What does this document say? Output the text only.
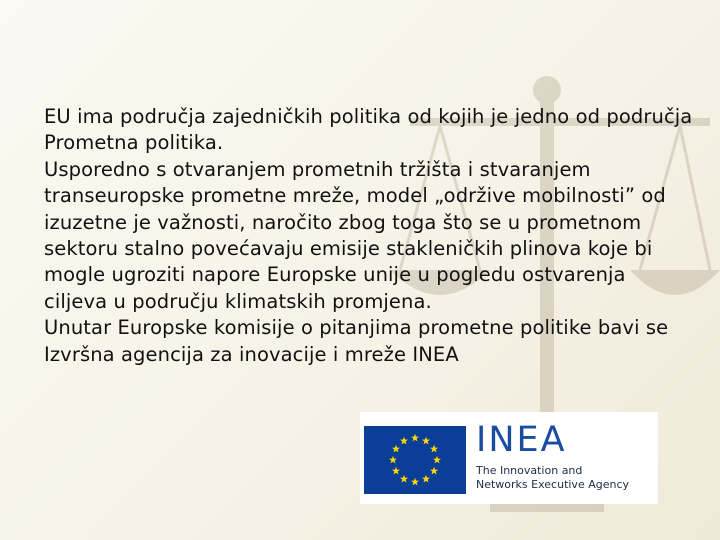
EU ima područja zajedničkih politika od kojih je jedno od područja Prometna politika.

Usporedno s otvaranjem prometnih tržišta i stvaranjem transeuropske prometne mreže, model „održive mobilnosti” od izuzetne je važnosti, naročito zbog toga što se u prometnom sektoru stalno povećavaju emisije stakleničkih plinova koje bi mogle ugroziti napore Europske unije u pogledu ostvarenja ciljeva u području klimatskih promjena.

Unutar Europske komisije o pitanjima prometne politike bavi se Izvršna agencija za inovacije i mreže INEA

INEA
The Innovation and
Networks Executive Agency
